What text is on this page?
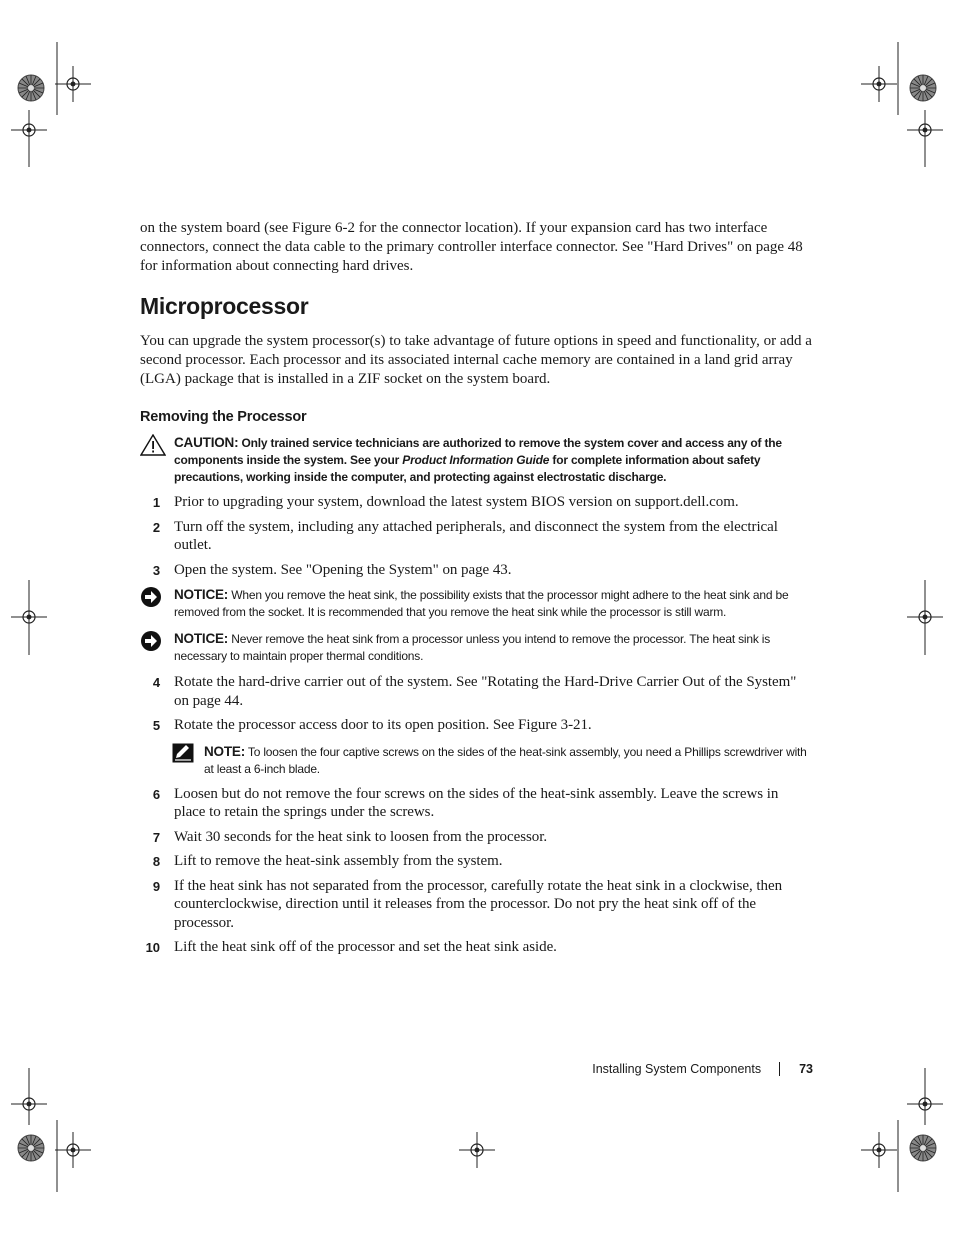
on the system board (see Figure 6-2 for the connector location). If your expansion card has two interface connectors, connect the data cable to the primary controller interface connector. See "Hard Drives" on page 48 for information about connecting hard drives.

Microprocessor

You can upgrade the system processor(s) to take advantage of future options in speed and functionality, or add a second processor. Each processor and its associated internal cache memory are contained in a land grid array (LGA) package that is installed in a ZIF socket on the system board.

Removing the Processor
CAUTION: Only trained service technicians are authorized to remove the system cover and access any of the components inside the system. See your Product Information Guide for complete information about safety precautions, working inside the computer, and protecting against electrostatic discharge.
1 Prior to upgrading your system, download the latest system BIOS version on support.dell.com.
2 Turn off the system, including any attached peripherals, and disconnect the system from the electrical outlet.
3 Open the system. See "Opening the System" on page 43.
NOTICE: When you remove the heat sink, the possibility exists that the processor might adhere to the heat sink and be removed from the socket. It is recommended that you remove the heat sink while the processor is still warm.
NOTICE: Never remove the heat sink from a processor unless you intend to remove the processor. The heat sink is necessary to maintain proper thermal conditions.
4 Rotate the hard-drive carrier out of the system. See "Rotating the Hard-Drive Carrier Out of the System" on page 44.
5 Rotate the processor access door to its open position. See Figure 3-21.
NOTE: To loosen the four captive screws on the sides of the heat-sink assembly, you need a Phillips screwdriver with at least a 6-inch blade.
6 Loosen but do not remove the four screws on the sides of the heat-sink assembly. Leave the screws in place to retain the springs under the screws.
7 Wait 30 seconds for the heat sink to loosen from the processor.
8 Lift to remove the heat-sink assembly from the system.
9 If the heat sink has not separated from the processor, carefully rotate the heat sink in a clockwise, then counterclockwise, direction until it releases from the processor. Do not pry the heat sink off of the processor.
10 Lift the heat sink off of the processor and set the heat sink aside.
Installing System Components	73
